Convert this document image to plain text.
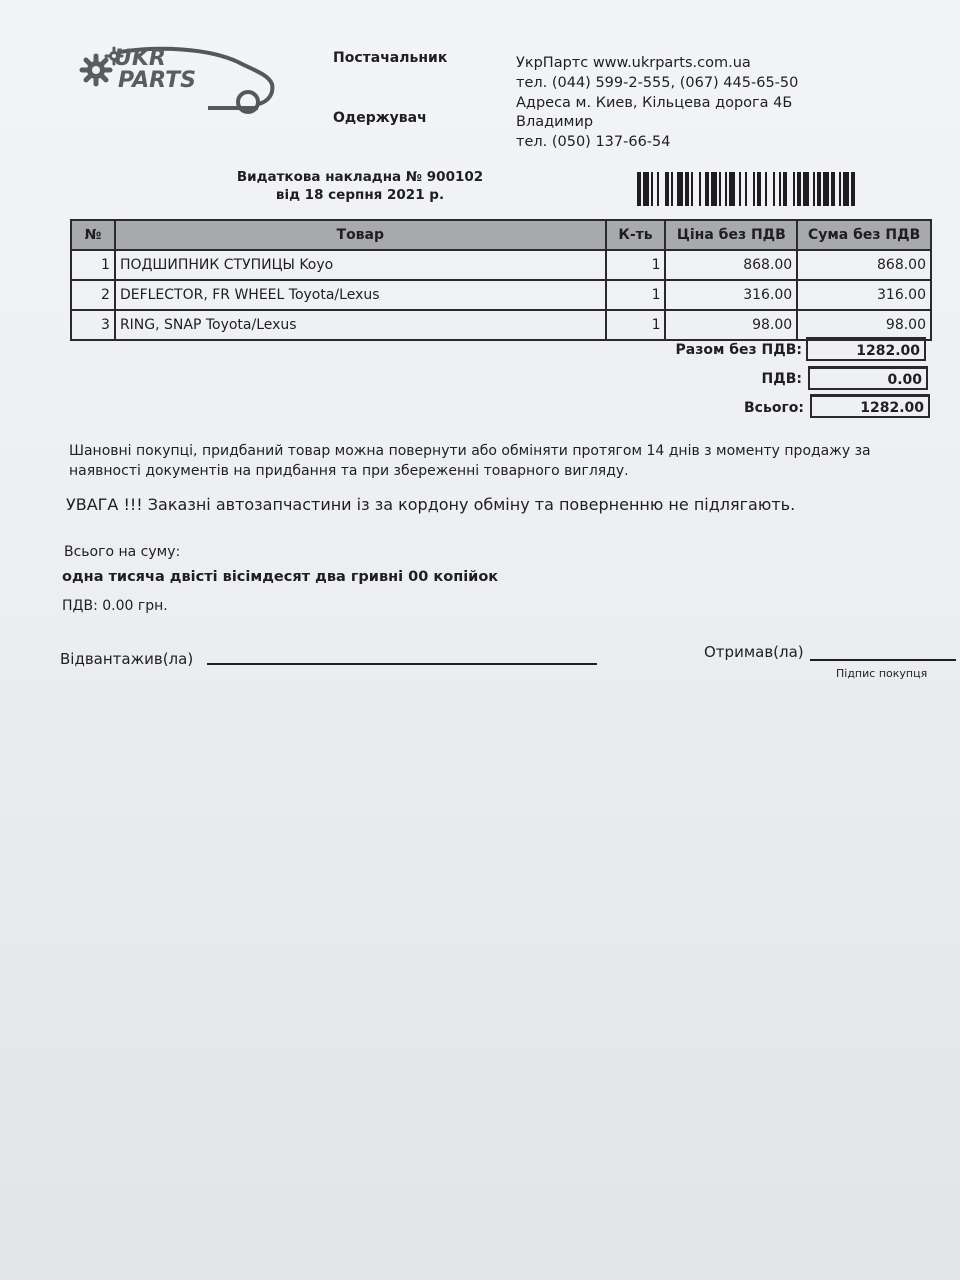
UKR
PARTS
Постачальник	УкрПартс www.ukrparts.com.ua
тел. (044) 599-2-555, (067) 445-65-50
Адреса м. Киев, Кільцева дорога 4Б
Одержувач	Владимир
тел. (050) 137-66-54
Видаткова накладна № 900102
від 18 серпня 2021 р.
№	Товар	К-ть	Ціна без ПДВ	Сума без ПДВ
1	ПОДШИПНИК СТУПИЦЫ Koyo	1	868.00	868.00
2	DEFLECTOR, FR WHEEL Toyota/Lexus	1	316.00	316.00
3	RING, SNAP Toyota/Lexus	1	98.00	98.00
Разом без ПДВ:	1282.00
ПДВ:	0.00
Всього:	1282.00
Шановні покупці, придбаний товар можна повернути або обміняти протягом 14 днів з моменту продажу за наявності документів на придбання та при збереженні товарного вигляду.
УВАГА !!! Заказні автозапчастини із за кордону обміну та поверненню не підлягають.
Всього на суму:
одна тисяча двісті вісімдесят два гривні 00 копійок
ПДВ: 0.00 грн.
Відвантажив(ла)	Отримав(ла)
Підпис покупця
